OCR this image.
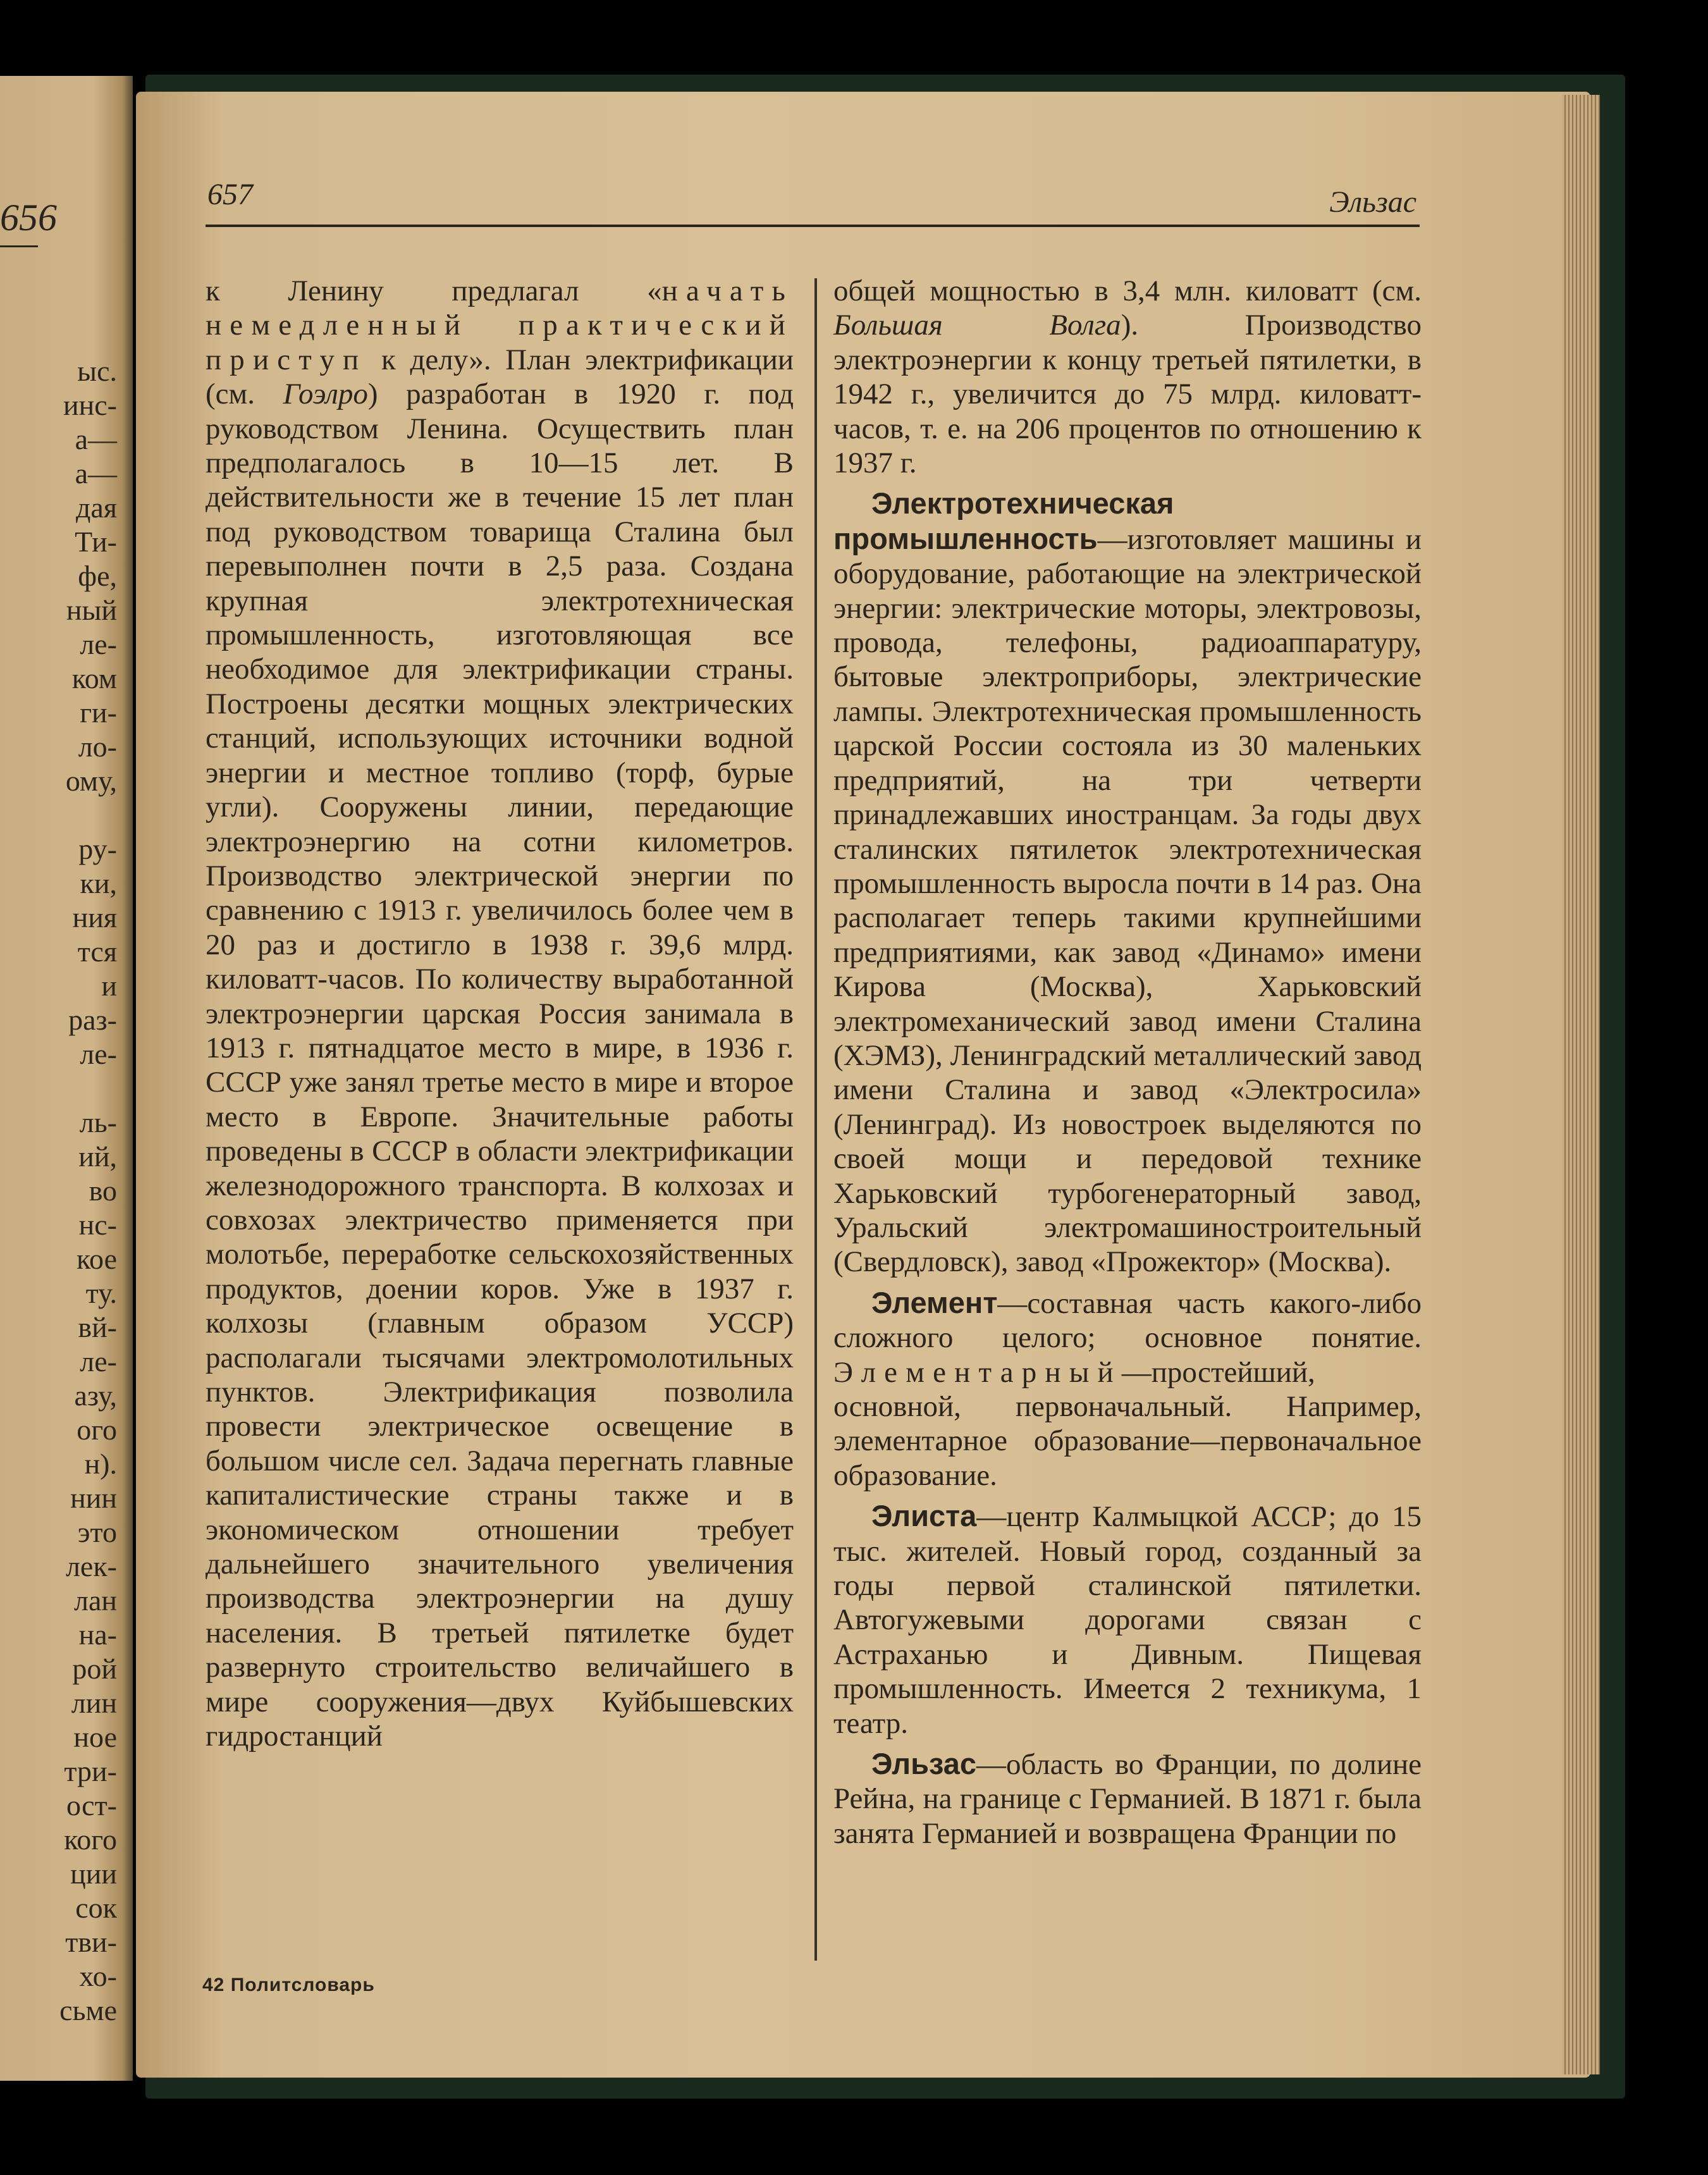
656
ыс.
инс-
а—
а—
дая
Ти-
фе,
ный
ле-
ком
ги-
ло-
ому,

ру-
ки,
ния
тся
и
раз-
ле-

ль-
ий,
во
нс-
кое
ту.
вй-
ле-
азу,
ого
н).
нин
это
лек-
лан
на-
рой
лин
ное
три-
ост-
кого
ции
сок
тви-
хо-
сьме
657	Эльзас

к Ленину предлагал «начать немедленный практический приступ к делу». План электрификации (см. Гоэлро) разработан в 1920 г. под руководством Ленина. Осуществить план предполагалось в 10—15 лет. В действительности же в течение 15 лет план под руководством товарища Сталина был перевыполнен почти в 2,5 раза. Создана крупная электротехническая промышленность, изготовляющая все необходимое для электрификации страны. Построены десятки мощных электрических станций, использующих источники водной энергии и местное топливо (торф, бурые угли). Сооружены линии, передающие электроэнергию на сотни километров. Производство электрической энергии по сравнению с 1913 г. увеличилось более чем в 20 раз и достигло в 1938 г. 39,6 млрд. киловатт-часов. По количеству выработанной электроэнергии царская Россия занимала в 1913 г. пятнадцатое место в мире, в 1936 г. СССР уже занял третье место в мире и второе место в Европе. Значительные работы проведены в СССР в области электрификации железнодорожного транспорта. В колхозах и совхозах электричество применяется при молотьбе, переработке сельскохозяйственных продуктов, доении коров. Уже в 1937 г. колхозы (главным образом УССР) располагали тысячами электромолотильных пунктов. Электрификация позволила провести электрическое освещение в большом числе сел. Задача перегнать главные капиталистические страны также и в экономическом отношении требует дальнейшего значительного увеличения производства электроэнергии на душу населения. В третьей пятилетке будет развернуто строительство величайшего в мире сооружения—двух Куйбышевских гидростанций

общей мощностью в 3,4 млн. киловатт (см. Большая Волга). Производство электроэнергии к концу третьей пятилетки, в 1942 г., увеличится до 75 млрд. киловатт-часов, т. е. на 206 процентов по отношению к 1937 г.

Электротехническая промышленность—изготовляет машины и оборудование, работающие на электрической энергии: электрические моторы, электровозы, провода, телефоны, радиоаппаратуру, бытовые электроприборы, электрические лампы. Электротехническая промышленность царской России состояла из 30 маленьких предприятий, на три четверти принадлежавших иностранцам. За годы двух сталинских пятилеток электротехническая промышленность выросла почти в 14 раз. Она располагает теперь такими крупнейшими предприятиями, как завод «Динамо» имени Кирова (Москва), Харьковский электромеханический завод имени Сталина (ХЭМЗ), Ленинградский металлический завод имени Сталина и завод «Электросила» (Ленинград). Из новостроек выделяются по своей мощи и передовой технике Харьковский турбогенераторный завод, Уральский электромашиностроительный (Свердловск), завод «Прожектор» (Москва).

Элемент—составная часть какого-либо сложного целого; основное понятие. Элементарный—простейший, основной, первоначальный. Например, элементарное образование—первоначальное образование.

Элиста—центр Калмыцкой АССР; до 15 тыс. жителей. Новый город, созданный за годы первой сталинской пятилетки. Автогужевыми дорогами связан с Астраханью и Дивным. Пищевая промышленность. Имеется 2 техникума, 1 театр.

Эльзас—область во Франции, по долине Рейна, на границе с Германией. В 1871 г. была занята Германией и возвращена Франции по

42 Политсловарь
